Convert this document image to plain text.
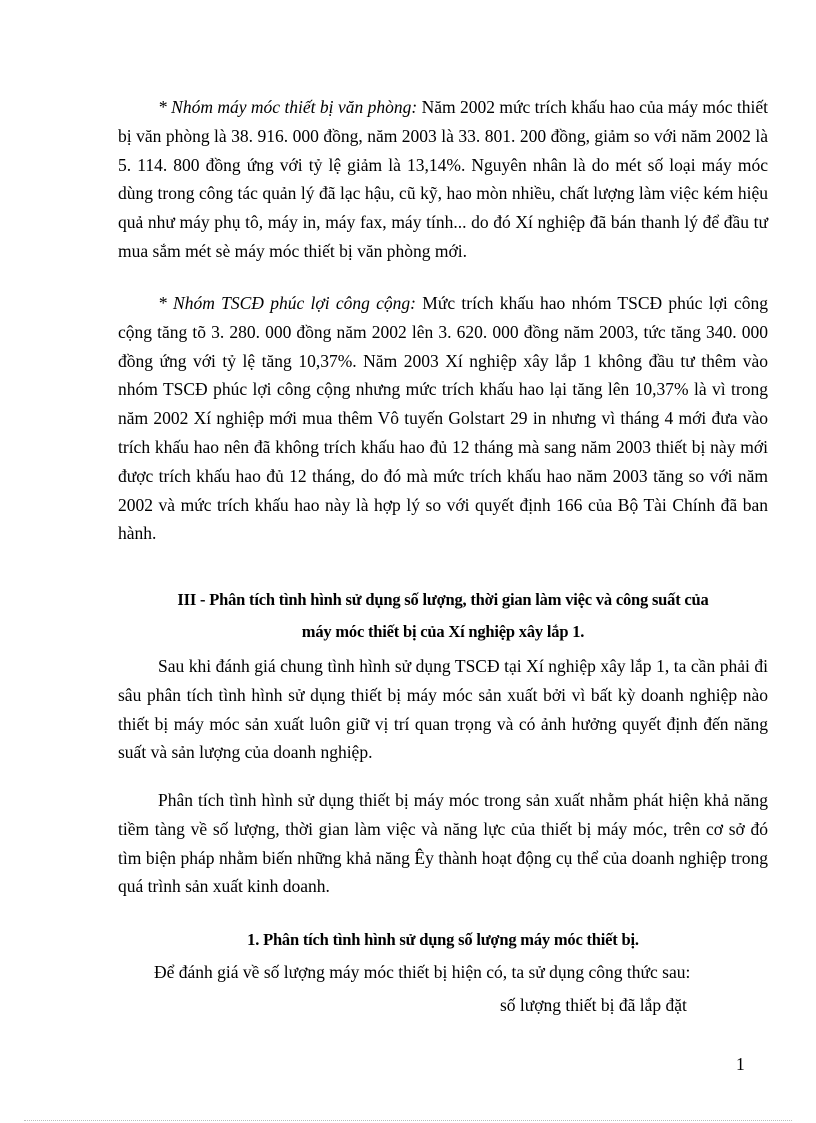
* Nhóm máy móc thiết bị văn phòng: Năm 2002 mức trích khấu hao của máy móc thiết bị văn phòng là 38. 916. 000 đồng, năm 2003 là 33. 801. 200 đồng, giảm so với năm 2002 là 5. 114. 800 đồng ứng với tỷ lệ giảm là 13,14%. Nguyên nhân là do mét số loại máy móc dùng trong công tác quản lý đã lạc hậu, cũ kỹ, hao mòn nhiều, chất lượng làm việc kém hiệu quả như máy phụ tô, máy in, máy fax, máy tính... do đó Xí nghiệp đã bán thanh lý để đầu tư mua sắm mét sè máy móc thiết bị văn phòng mới.

* Nhóm TSCĐ phúc lợi công cộng: Mức trích khấu hao nhóm TSCĐ phúc lợi công cộng tăng tõ 3. 280. 000 đồng năm 2002 lên 3. 620. 000 đồng năm 2003, tức tăng 340. 000 đồng ứng với tỷ lệ tăng 10,37%. Năm 2003 Xí nghiệp xây lắp 1 không đầu tư thêm vào nhóm TSCĐ phúc lợi công cộng nhưng mức trích khấu hao lại tăng lên 10,37% là vì trong năm 2002 Xí nghiệp mới mua thêm Vô tuyến Golstart 29 in nhưng vì tháng 4 mới đưa vào trích khấu hao nên đã không trích khấu hao đủ 12 tháng mà sang năm 2003 thiết bị này mới được trích khấu hao đủ 12 tháng, do đó mà mức trích khấu hao năm 2003 tăng so với năm 2002 và mức trích khấu hao này là hợp lý so với quyết định 166 của Bộ Tài Chính đã ban hành.

III - Phân tích tình hình sử dụng số lượng, thời gian làm việc và công suất của
máy móc thiết bị của Xí nghiệp xây lắp 1.

Sau khi đánh giá chung tình hình sử dụng TSCĐ tại Xí nghiệp xây lắp 1, ta cần phải đi sâu phân tích tình hình sử dụng thiết bị máy móc sản xuất bởi vì bất kỳ doanh nghiệp nào thiết bị máy móc sản xuất luôn giữ vị trí quan trọng và có ảnh hưởng quyết định đến năng suất và sản lượng của doanh nghiệp.

Phân tích tình hình sử dụng thiết bị máy móc trong sản xuất nhằm phát hiện khả năng tiềm tàng về số lượng, thời gian làm việc và năng lực của thiết bị máy móc, trên cơ sở đó tìm biện pháp nhằm biến những khả năng Êy thành hoạt động cụ thể của doanh nghiệp trong quá trình sản xuất kinh doanh.

1. Phân tích tình hình sử dụng số lượng máy móc thiết bị.

Để đánh giá về số lượng máy móc thiết bị hiện có, ta sử dụng công thức sau:

số lượng thiết bị đã lắp đặt
1
